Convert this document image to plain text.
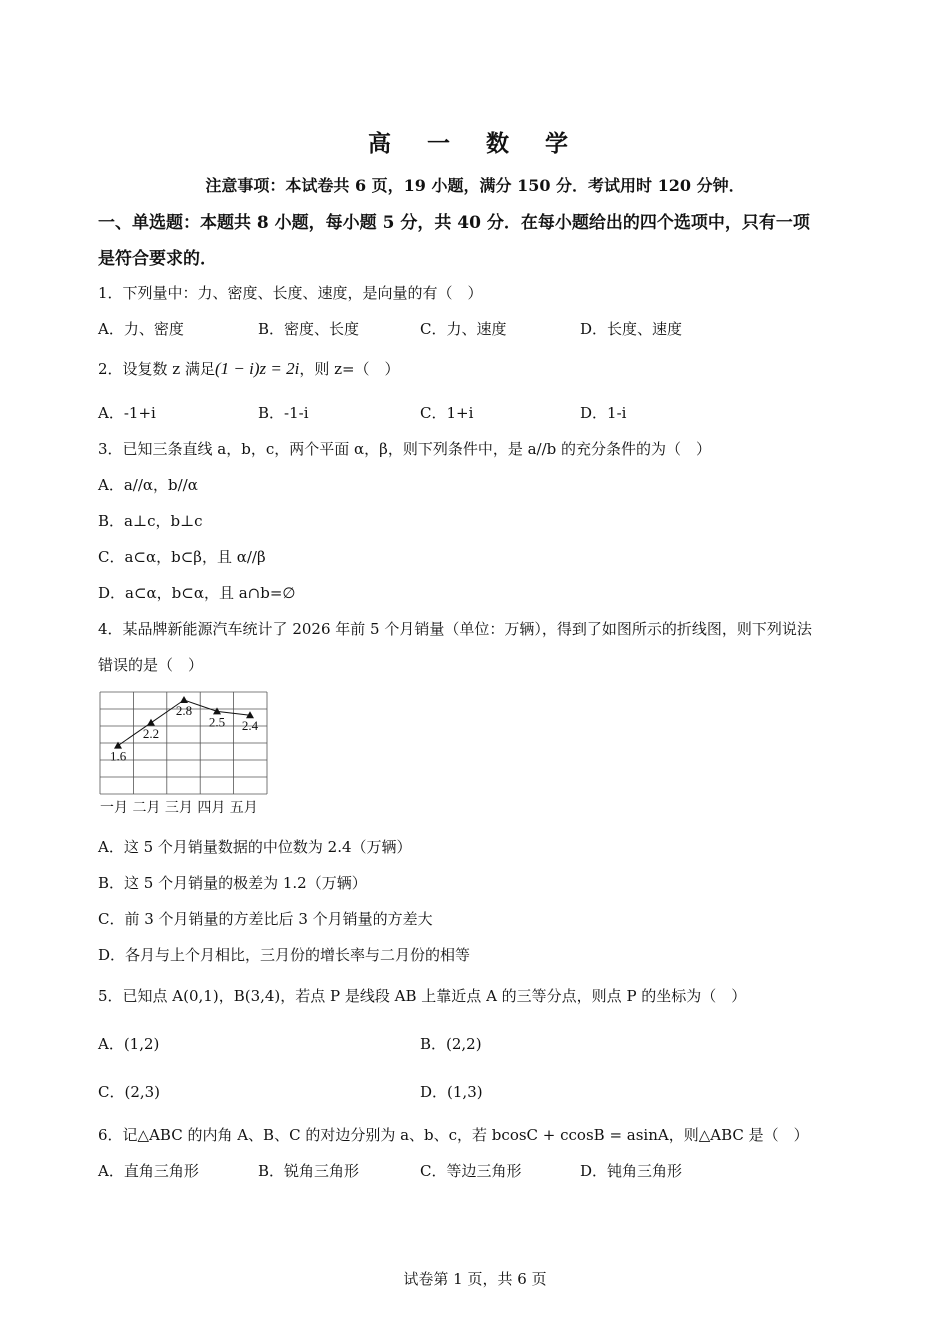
高 一 数 学
注意事项：本试卷共 6 页，19 小题，满分 150 分．考试用时 120 分钟．
一、单选题：本题共 8 小题，每小题 5 分，共 40 分．在每小题给出的四个选项中，只有一项
是符合要求的．
1．下列量中：力、密度、长度、速度，是向量的有（　）
A．力、密度	B．密度、长度	C．力、速度	D．长度、速度
2．设复数 z 满足(1 − i)z = 2i，则 z=（　）
A．-1+i	B．-1-i	C．1+i	D．1-i
3．已知三条直线 a，b，c，两个平面 α，β，则下列条件中，是 a//b 的充分条件的为（　）
A．a//α，b//α
B．a⊥c，b⊥c
C．a⊂α，b⊂β，且 α//β
D．a⊂α，b⊂α，且 a∩b=∅
4．某品牌新能源汽车统计了 2026 年前 5 个月销量（单位：万辆），得到了如图所示的折线图，则下列说法
错误的是（　）
1.6
2.2
2.8
2.5 2.4
一月 二月 三月 四月 五月
A．这 5 个月销量数据的中位数为 2.4（万辆）
B．这 5 个月销量的极差为 1.2（万辆）
C．前 3 个月销量的方差比后 3 个月销量的方差大
D．各月与上个月相比，三月份的增长率与二月份的相等
5．已知点 A(0,1)，B(3,4)，若点 P 是线段 AB 上靠近点 A 的三等分点，则点 P 的坐标为（　）
A．(1,2)	B．(2,2)
C．(2,3)	D．(1,3)
6．记△ABC 的内角 A、B、C 的对边分别为 a、b、c，若 bcosC + ccosB = asinA，则△ABC 是（　）
A．直角三角形	B．锐角三角形	C．等边三角形	D．钝角三角形
试卷第 1 页，共 6 页
